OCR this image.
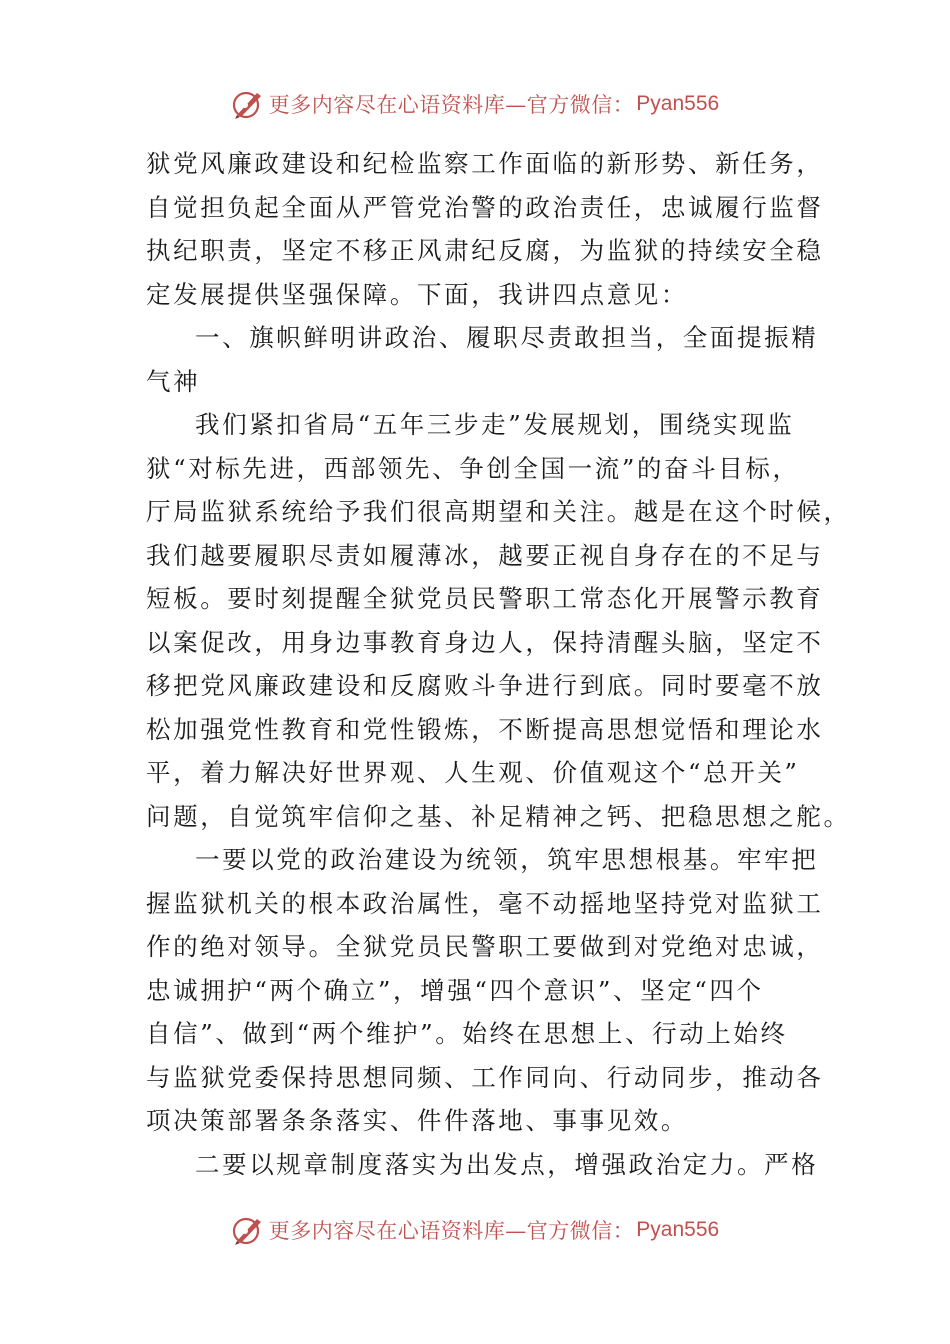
更多内容尽在心语资料库—官方微信： Pyan556
狱党风廉政建设和纪检监察工作面临的新形势、新任务，
自觉担负起全面从严管党治警的政治责任，忠诚履行监督
执纪职责，坚定不移正风肃纪反腐，为监狱的持续安全稳
定发展提供坚强保障。下面，我讲四点意见：
一、旗帜鲜明讲政治、履职尽责敢担当，全面提振精
气神
我们紧扣省局“五年三步走”发展规划，围绕实现监
狱“对标先进，西部领先、争创全国一流”的奋斗目标，
厅局监狱系统给予我们很高期望和关注。越是在这个时候，
我们越要履职尽责如履薄冰，越要正视自身存在的不足与
短板。要时刻提醒全狱党员民警职工常态化开展警示教育
以案促改，用身边事教育身边人，保持清醒头脑，坚定不
移把党风廉政建设和反腐败斗争进行到底。同时要毫不放
松加强党性教育和党性锻炼，不断提高思想觉悟和理论水
平，着力解决好世界观、人生观、价值观这个“总开关”
问题，自觉筑牢信仰之基、补足精神之钙、把稳思想之舵。
一要以党的政治建设为统领，筑牢思想根基。牢牢把
握监狱机关的根本政治属性，毫不动摇地坚持党对监狱工
作的绝对领导。全狱党员民警职工要做到对党绝对忠诚，
忠诚拥护“两个确立”，增强“四个意识”、坚定“四个
自信”、做到“两个维护”。始终在思想上、行动上始终
与监狱党委保持思想同频、工作同向、行动同步，推动各
项决策部署条条落实、件件落地、事事见效。
二要以规章制度落实为出发点，增强政治定力。严格
更多内容尽在心语资料库—官方微信： Pyan556
